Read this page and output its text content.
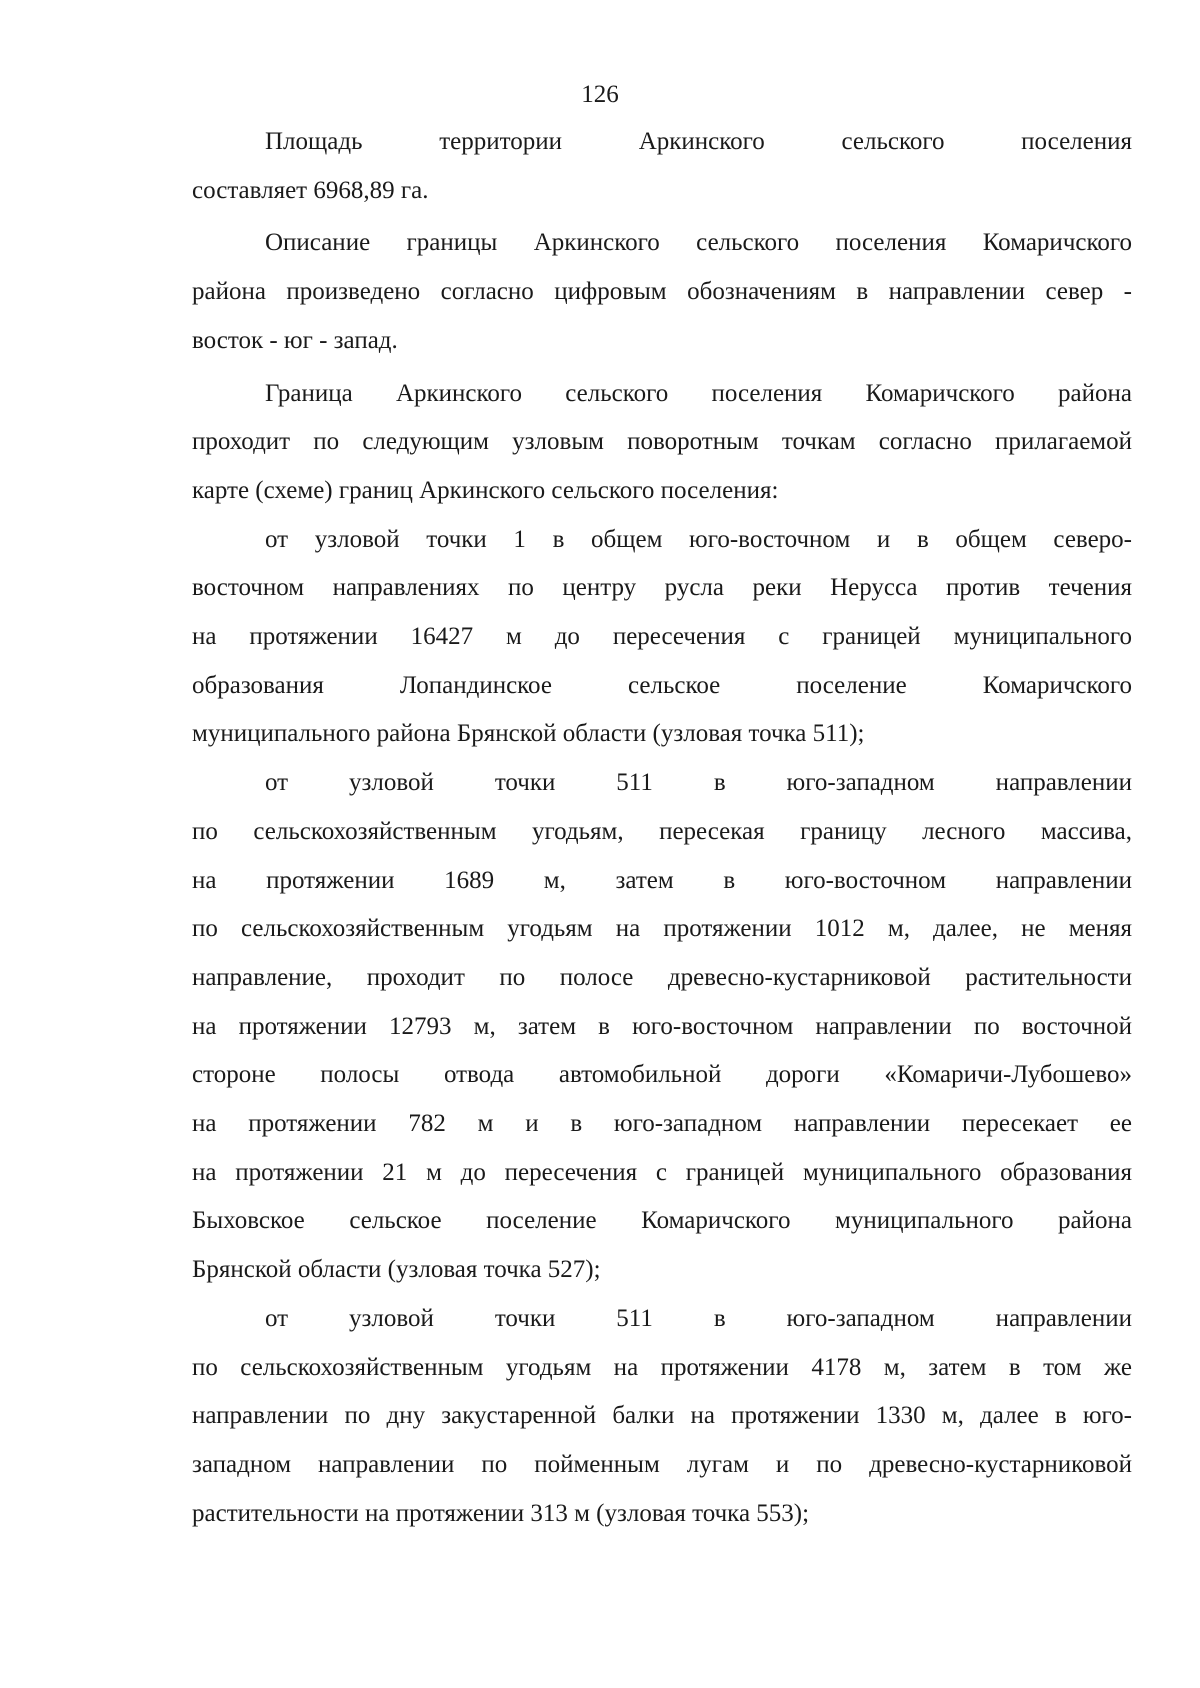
126
Площадь территории Аркинского сельского поселения
составляет 6968,89 га.
Описание границы Аркинского сельского поселения Комаричского
района произведено согласно цифровым обозначениям в направлении север -
восток - юг - запад.
Граница Аркинского сельского поселения Комаричского района
проходит по следующим узловым поворотным точкам согласно прилагаемой
карте (схеме) границ Аркинского сельского поселения:
от узловой точки 1 в общем юго-восточном и в общем северо-
восточном направлениях по центру русла реки Нерусса против течения
на протяжении 16427 м до пересечения с границей муниципального
образования Лопандинское сельское поселение Комаричского
муниципального района Брянской области (узловая точка 511);
от узловой точки 511 в юго-западном направлении
по сельскохозяйственным угодьям, пересекая границу лесного массива,
на протяжении 1689 м, затем в юго-восточном направлении
по сельскохозяйственным угодьям на протяжении 1012 м, далее, не меняя
направление, проходит по полосе древесно-кустарниковой растительности
на протяжении 12793 м, затем в юго-восточном направлении по восточной
стороне полосы отвода автомобильной дороги «Комаричи-Лубошево»
на протяжении 782 м и в юго-западном направлении пересекает ее
на протяжении 21 м до пересечения с границей муниципального образования
Быховское сельское поселение Комаричского муниципального района
Брянской области (узловая точка 527);
от узловой точки 511 в юго-западном направлении
по сельскохозяйственным угодьям на протяжении 4178 м, затем в том же
направлении по дну закустаренной балки на протяжении 1330 м, далее в юго-
западном направлении по пойменным лугам и по древесно-кустарниковой
растительности на протяжении 313 м (узловая точка 553);
